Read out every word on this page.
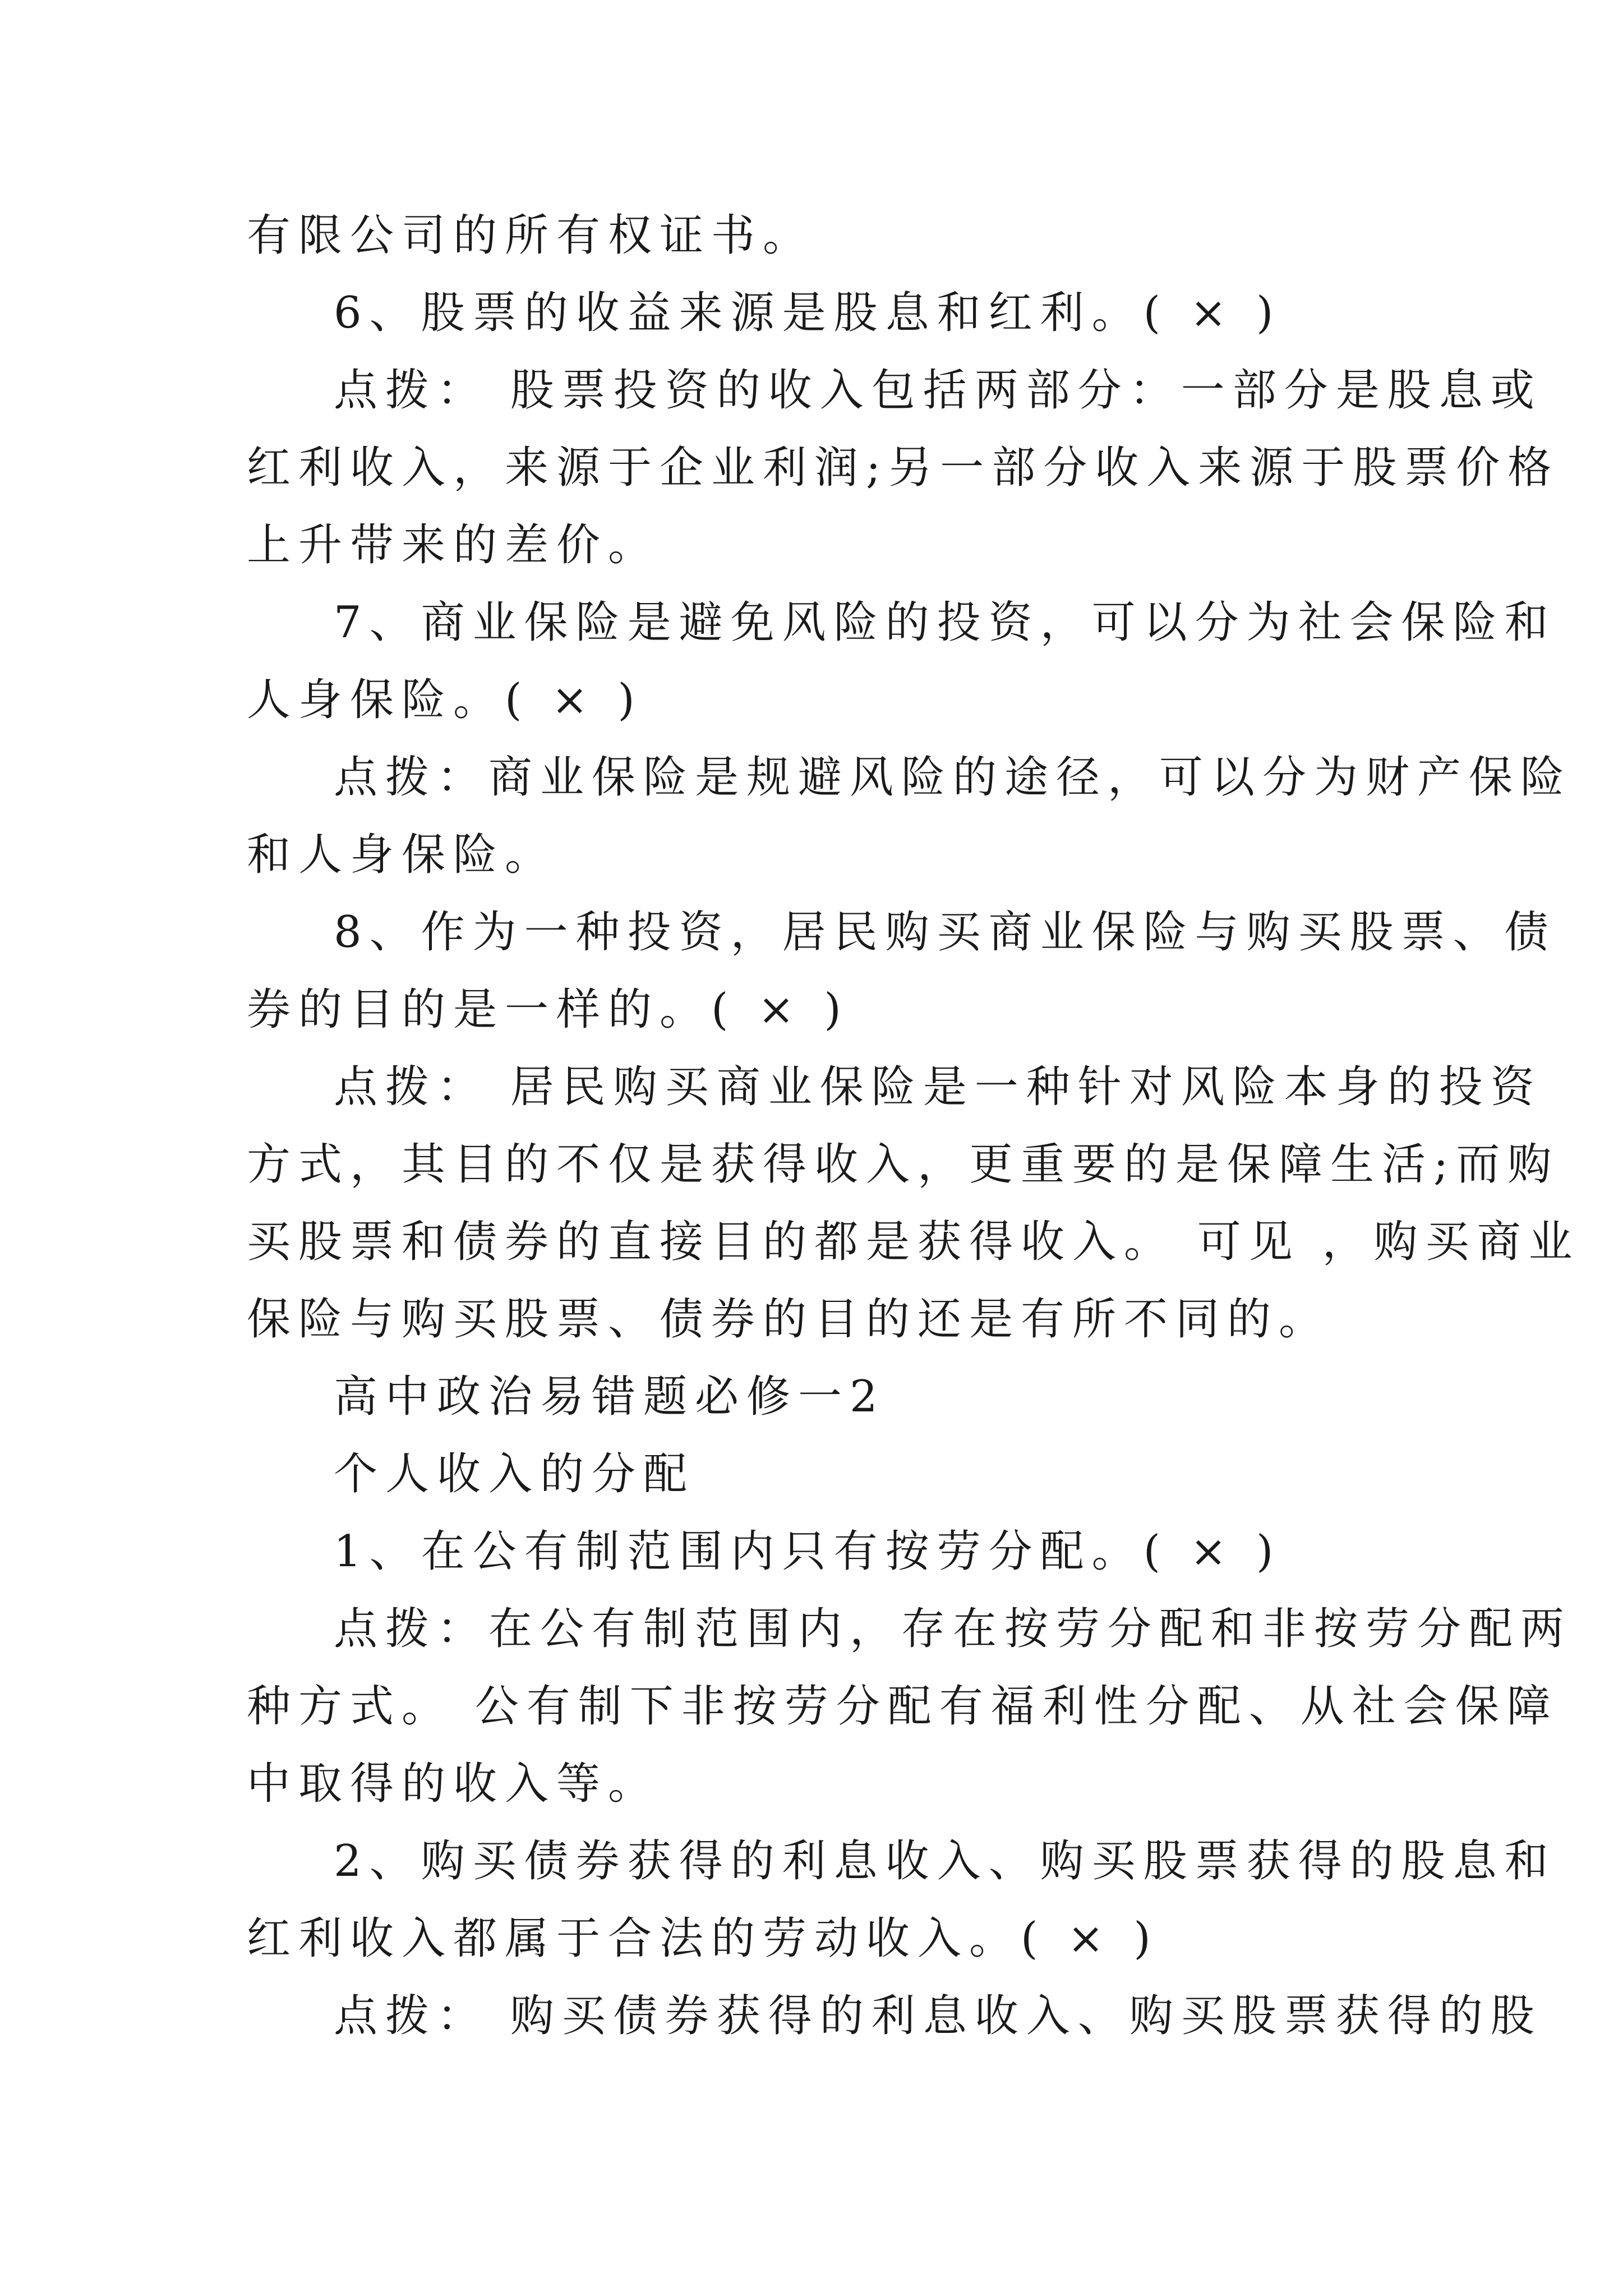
有限公司的所有权证书。

6、股票的收益来源是股息和红利。( × )

点拨： 股票投资的收入包括两部分：一部分是股息或

红利收入，来源于企业利润;另一部分收入来源于股票价格

上升带来的差价。

7、商业保险是避免风险的投资，可以分为社会保险和

人身保险。( × )

点拨：商业保险是规避风险的途径，可以分为财产保险

和人身保险。

8、作为一种投资，居民购买商业保险与购买股票、债

券的目的是一样的。( × )

点拨： 居民购买商业保险是一种针对风险本身的投资

方式，其目的不仅是获得收入，更重要的是保障生活;而购

买股票和债券的直接目的都是获得收入。 可见 ，购买商业

保险与购买股票、债券的目的还是有所不同的。

高中政治易错题必修一2

个人收入的分配

1、在公有制范围内只有按劳分配。( × )

点拨：在公有制范围内，存在按劳分配和非按劳分配两

种方式。 公有制下非按劳分配有福利性分配、从社会保障

中取得的收入等。

2、购买债券获得的利息收入、购买股票获得的股息和

红利收入都属于合法的劳动收入。( × )

点拨： 购买债券获得的利息收入、购买股票获得的股
